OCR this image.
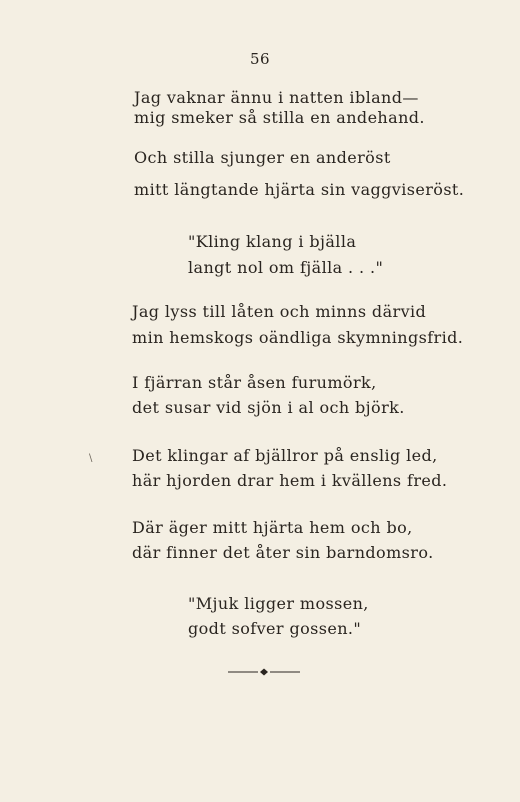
56
Jag vaknar ännu i natten ibland—
mig smeker så stilla en andehand.
Och stilla sjunger en anderöst
mitt längtande hjärta sin vaggviseröst.
"Kling klang i bjälla
langt nol om fjälla . . ."
Jag lyss till låten och minns därvid
min hemskogs oändliga skymningsfrid.
I fjärran står åsen furumörk,
det susar vid sjön i al och björk.
Det klingar af bjällror på enslig led,
här hjorden drar hem i kvällens fred.
Där äger mitt hjärta hem och bo,
där finner det åter sin barndomsro.
"Mjuk ligger mossen,
godt sofver gossen."
\
